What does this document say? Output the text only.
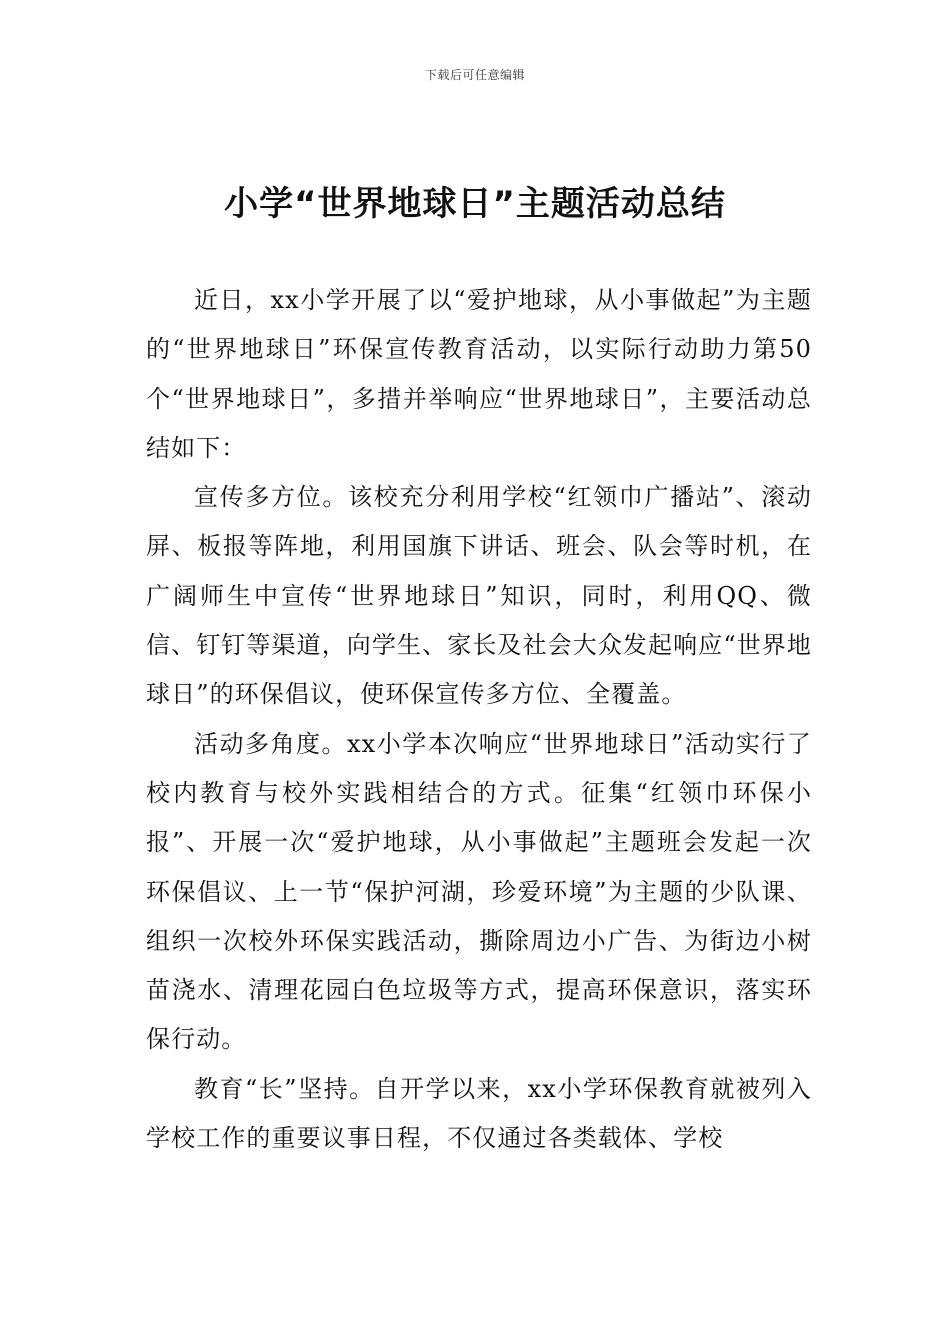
下载后可任意编辑
小学“世界地球日”主题活动总结

近日，xx小学开展了以“爱护地球，从小事做起”为主题的“世界地球日”环保宣传教育活动，以实际行动助力第50个“世界地球日”，多措并举响应“世界地球日”，主要活动总结如下：

宣传多方位。该校充分利用学校“红领巾广播站”、滚动屏、板报等阵地，利用国旗下讲话、班会、队会等时机，在广阔师生中宣传“世界地球日”知识，同时，利用QQ、微信、钉钉等渠道，向学生、家长及社会大众发起响应“世界地球日”的环保倡议，使环保宣传多方位、全覆盖。

活动多角度。xx小学本次响应“世界地球日”活动实行了校内教育与校外实践相结合的方式。征集“红领巾环保小报”、开展一次“爱护地球，从小事做起”主题班会发起一次环保倡议、上一节“保护河湖，珍爱环境”为主题的少队课、组织一次校外环保实践活动，撕除周边小广告、为街边小树苗浇水、清理花园白色垃圾等方式，提高环保意识，落实环保行动。

教育“长”坚持。自开学以来，xx小学环保教育就被列入学校工作的重要议事日程，不仅通过各类载体、学校
